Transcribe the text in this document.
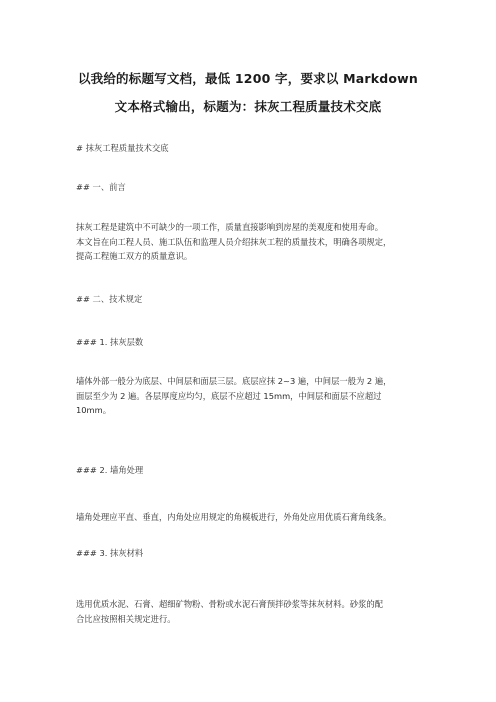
以我给的标题写文档，最低 1200 字，要求以 Markdown
文本格式输出，标题为：抹灰工程质量技术交底
# 抹灰工程质量技术交底
## 一、前言
抹灰工程是建筑中不可缺少的一项工作，质量直接影响到房屋的美观度和使用寿命。
本文旨在向工程人员、施工队伍和监理人员介绍抹灰工程的质量技术，明确各项规定，
提高工程施工双方的质量意识。
## 二、技术规定
### 1. 抹灰层数
墙体外部一般分为底层、中间层和面层三层。底层应抹 2~3 遍，中间层一般为 2 遍，
面层至少为 2 遍。各层厚度应均匀，底层不应超过 15mm，中间层和面层不应超过
10mm。
### 2. 墙角处理
墙角处理应平直、垂直，内角处应用规定的角模板进行，外角处应用优质石膏角线条。
### 3. 抹灰材料
选用优质水泥、石膏、超细矿物粉、骨粉或水泥石膏预拌砂浆等抹灰材料。砂浆的配
合比应按照相关规定进行。
